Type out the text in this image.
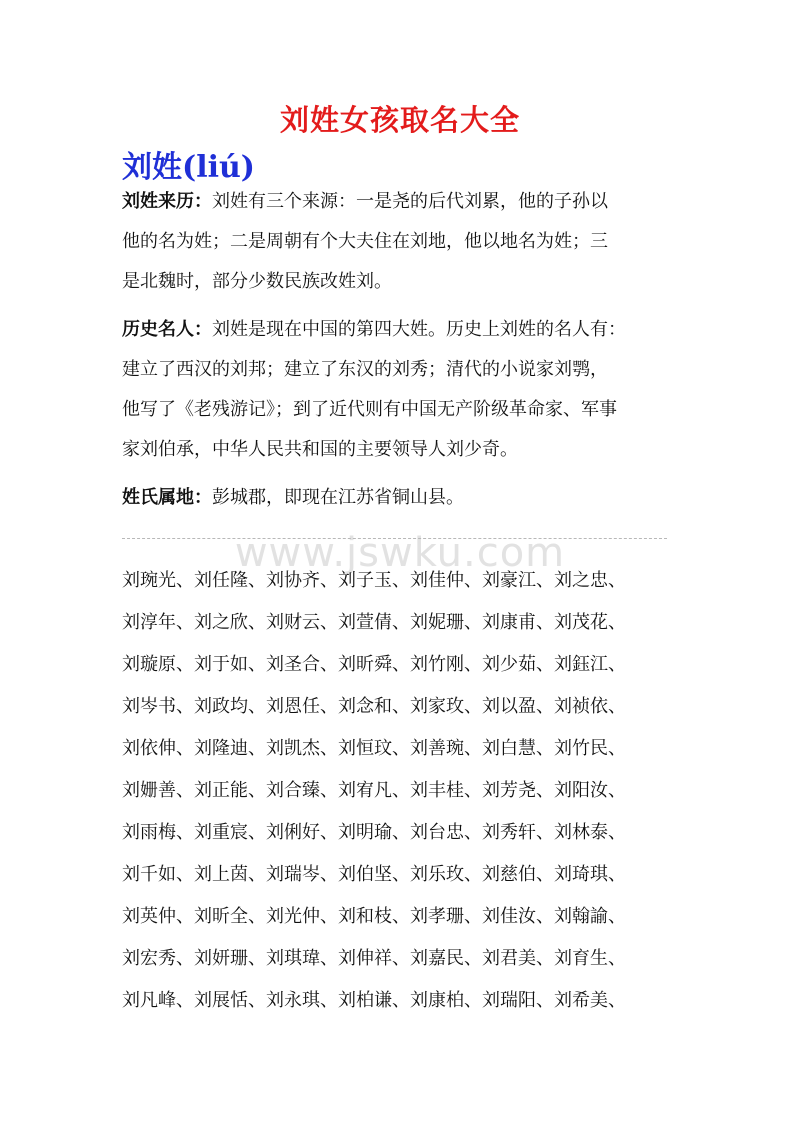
刘姓女孩取名大全
刘姓(liú)
刘姓来历：刘姓有三个来源：一是尧的后代刘累，他的子孙以
他的名为姓；二是周朝有个大夫住在刘地，他以地名为姓；三
是北魏时，部分少数民族改姓刘。
历史名人：刘姓是现在中国的第四大姓。历史上刘姓的名人有：
建立了西汉的刘邦；建立了东汉的刘秀；清代的小说家刘鹗，
他写了《老残游记》；到了近代则有中国无产阶级革命家、军事
家刘伯承，中华人民共和国的主要领导人刘少奇。
姓氏属地：彭城郡，即现在江苏省铜山县。
www.jswku.com
刘琬光、刘任隆、刘协齐、刘子玉、刘佳仲、刘豪江、刘之忠、
刘淳年、刘之欣、刘财云、刘萱倩、刘妮珊、刘康甫、刘茂花、
刘璇原、刘于如、刘圣合、刘昕舜、刘竹刚、刘少茹、刘鈺江、
刘岑书、刘政均、刘恩任、刘念和、刘家玫、刘以盈、刘祯依、
刘依伸、刘隆迪、刘凯杰、刘恒玟、刘善琬、刘白慧、刘竹民、
刘姗善、刘正能、刘合臻、刘宥凡、刘丰桂、刘芳尧、刘阳汝、
刘雨梅、刘重宸、刘俐好、刘明瑜、刘台忠、刘秀轩、刘林泰、
刘千如、刘上茵、刘瑞岑、刘伯坚、刘乐玫、刘慈伯、刘琦琪、
刘英仲、刘昕全、刘光仲、刘和枝、刘孝珊、刘佳汝、刘翰諭、
刘宏秀、刘妍珊、刘琪瑋、刘伸祥、刘嘉民、刘君美、刘育生、
刘凡峰、刘展恬、刘永琪、刘柏谦、刘康柏、刘瑞阳、刘希美、
